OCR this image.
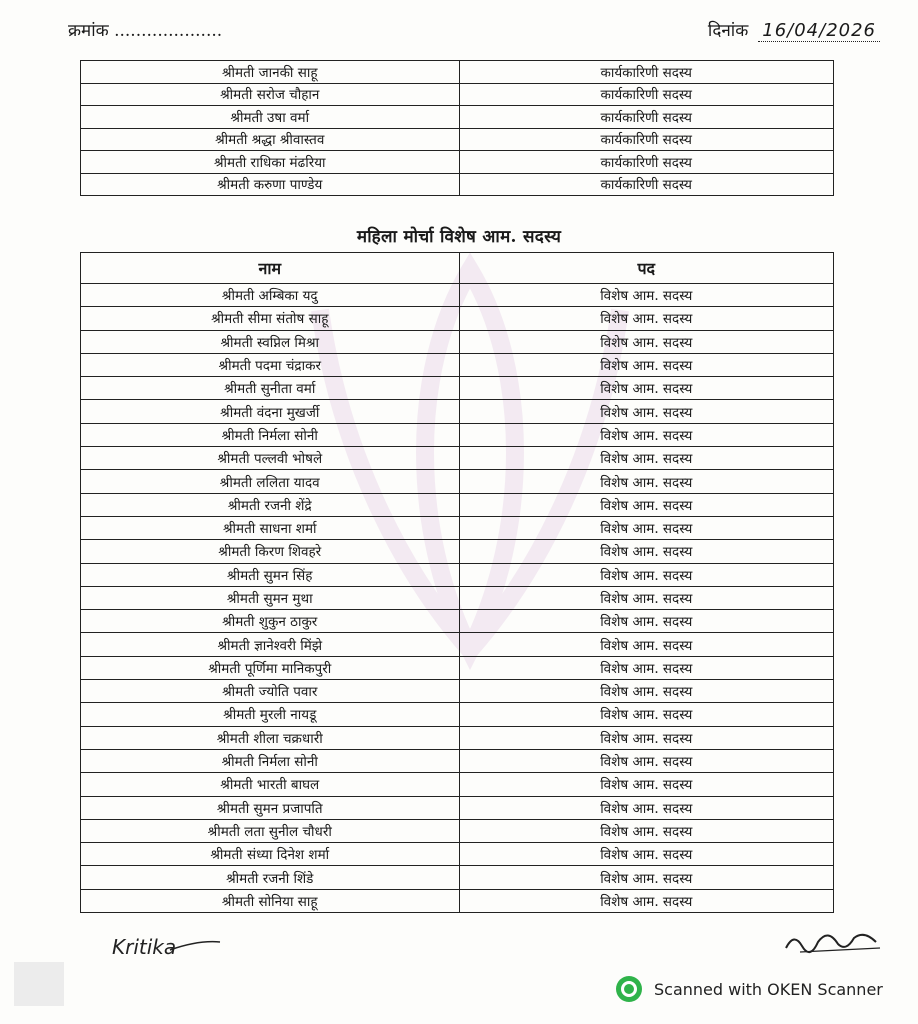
क्रमांक ....................	दिनांक 16/04/2026
श्रीमती जानकी साहू	कार्यकारिणी सदस्य
श्रीमती सरोज चौहान	कार्यकारिणी सदस्य
श्रीमती उषा वर्मा	कार्यकारिणी सदस्य
श्रीमती श्रद्धा श्रीवास्तव	कार्यकारिणी सदस्य
श्रीमती राधिका मंढरिया	कार्यकारिणी सदस्य
श्रीमती करुणा पाण्डेय	कार्यकारिणी सदस्य
महिला मोर्चा विशेष आम. सदस्य
नाम	पद
श्रीमती अम्बिका यदु	विशेष आम. सदस्य
श्रीमती सीमा संतोष साहू	विशेष आम. सदस्य
श्रीमती स्वप्निल मिश्रा	विशेष आम. सदस्य
श्रीमती पदमा चंद्राकर	विशेष आम. सदस्य
श्रीमती सुनीता वर्मा	विशेष आम. सदस्य
श्रीमती वंदना मुखर्जी	विशेष आम. सदस्य
श्रीमती निर्मला सोनी	विशेष आम. सदस्य
श्रीमती पल्लवी भोषले	विशेष आम. सदस्य
श्रीमती ललिता यादव	विशेष आम. सदस्य
श्रीमती रजनी शेंद्रे	विशेष आम. सदस्य
श्रीमती साधना शर्मा	विशेष आम. सदस्य
श्रीमती किरण शिवहरे	विशेष आम. सदस्य
श्रीमती सुमन सिंह	विशेष आम. सदस्य
श्रीमती सुमन मुथा	विशेष आम. सदस्य
श्रीमती शुकुन ठाकुर	विशेष आम. सदस्य
श्रीमती ज्ञानेश्वरी मिंझे	विशेष आम. सदस्य
श्रीमती पूर्णिमा मानिकपुरी	विशेष आम. सदस्य
श्रीमती ज्योति पवार	विशेष आम. सदस्य
श्रीमती मुरली नायडू	विशेष आम. सदस्य
श्रीमती शीला चक्रधारी	विशेष आम. सदस्य
श्रीमती निर्मला सोनी	विशेष आम. सदस्य
श्रीमती भारती बाघल	विशेष आम. सदस्य
श्रीमती सुमन प्रजापति	विशेष आम. सदस्य
श्रीमती लता सुनील चौधरी	विशेष आम. सदस्य
श्रीमती संध्या दिनेश शर्मा	विशेष आम. सदस्य
श्रीमती रजनी शिंडे	विशेष आम. सदस्य
श्रीमती सोनिया साहू	विशेष आम. सदस्य
Kritika
Scanned with OKEN Scanner
